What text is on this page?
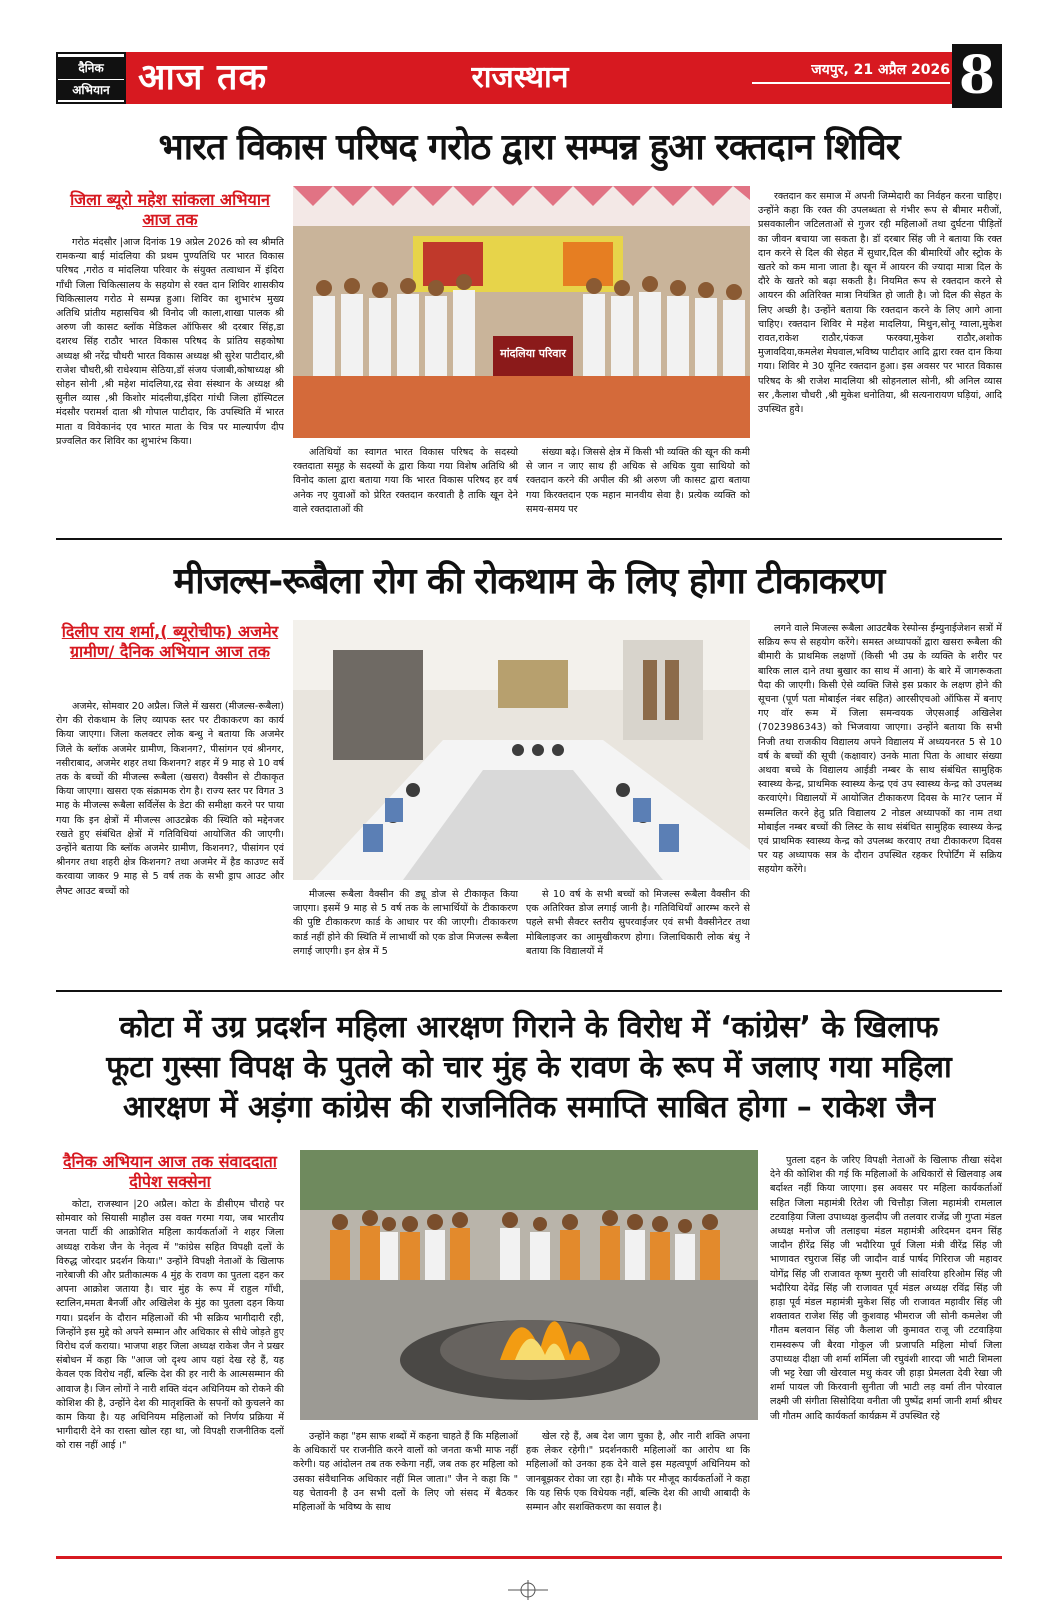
दैनिक
अभियान आज तक	राजस्थान	जयपुर, 21 अप्रैल 2026 8
भारत विकास परिषद गरोठ द्वारा सम्पन्न हुआ रक्तदान शिविर
जिला ब्यूरो महेश सांकला अभियान आज तक

गरोठ मंदसौर |आज दिनांक 19 अप्रेल 2026 को स्व श्रीमति रामकन्या बाई मांदलिया की प्रथम पुण्यतिथि पर भारत विकास परिषद ,गरोठ व मांदलिया परिवार के संयुक्त तत्वाधान में इंदिरा गाँधी जिला चिकित्सालय के सहयोग से रक्त दान शिविर शासकीय चिकित्सालय गरोठ मे सम्पन्न हुआ। शिविर का शुभारंभ मुख्य अतिथि प्रांतीय महासचिव श्री विनोद जी काला,शाखा पालक श्री अरुण जी कासट ब्लॉक मेडिकल ऑफिसर श्री दरबार सिंह,डा दशरथ सिंह राठौर भारत विकास परिषद के प्रांतिय सहकोषा अध्यक्ष श्री नरेंद्र चौधरी भारत विकास अध्यक्ष श्री सुरेश पाटीदार,श्री राजेश चौधरी,श्री राधेश्याम सेठिया,डॉ संजय पंजाबी,कोषाध्यक्ष श्री सोहन सोनी ,श्री महेश मांदलिया,रद्र सेवा संस्थान के अध्यक्ष श्री सुनील व्यास ,श्री किशोर मांदलीया,इंदिरा गांधी जिला हॉस्पिटल मंदसौर परामर्श दाता श्री गोपाल पाटीदार, कि उपस्थिति में भारत माता व विवेकानंद एव भारत माता के चित्र पर माल्यार्पण दीप प्रज्वलित कर शिविर का शुभारंभ किया।

मांदलिया परिवार

अतिथियों का स्वागत भारत विकास परिषद के सदस्यो रक्तदाता समूह के सदस्यों के द्वारा किया गया विशेष अतिथि श्री विनोद काला द्वारा बताया गया कि भारत विकास परिषद हर वर्ष अनेक नए युवाओं को प्रेरित रक्तदान करवाती है ताकि खून देने वाले रक्तदाताओं की

संख्या बढ़े। जिससे क्षेत्र में किसी भी व्यक्ति की खून की कमी से जान न जाए साथ ही अधिक से अधिक युवा साथियो को रक्तदान करने की अपील की श्री अरुण जी कासट द्वारा बताया गया किरक्तदान एक महान मानवीय सेवा है। प्रत्येक व्यक्ति को समय-समय पर

रक्तदान कर समाज में अपनी जिम्मेदारी का निर्वहन करना चाहिए। उन्होंने कहा कि रक्त की उपलब्धता से गंभीर रूप से बीमार मरीजों, प्रसवकालीन जटिलताओं से गुजर रही महिलाओं तथा दुर्घटना पीड़ितों का जीवन बचाया जा सकता है। डॉ दरबार सिंह जी ने बताया कि रक्त दान करने से दिल की सेहत में सुधार,दिल की बीमारियों और स्ट्रोक के खतरे को कम माना जाता है। खून में आयरन की ज्यादा मात्रा दिल के दौरे के खतरे को बढ़ा सकती है। नियमित रूप से रक्तदान करने से आयरन की अतिरिक्त मात्रा नियंत्रित हो जाती है। जो दिल की सेहत के लिए अच्छी है। उन्होंने बताया कि रक्तदान करने के लिए आगे आना चाहिए। रक्तदान शिविर मे महेश मादलिया, मिथुन,सोनू ग्वाला,मुकेश रावत,राकेश राठौर,पंकज फरक्या,मुकेश राठौर,अशोक मुजावदिया,कमलेश मेघवाल,भविष्य पाटीदार आदि द्वारा रक्त दान किया गया। शिविर मे 30 यूनिट रक्तदान हुआ। इस अवसर पर भारत विकास परिषद के श्री राजेश मादलिया श्री सोहनलाल सोनी, श्री अनिल व्यास सर ,कैलाश चौधरी ,श्री मुकेश धनोतिया, श्री सत्यनारायण घड़ियां, आदि उपस्थित हुवे।

मीजल्स-रूबैला रोग की रोकथाम के लिए होगा टीकाकरण
दिलीप राय शर्मा,( ब्यूरोचीफ) अजमेर ग्रामीण/ दैनिक अभियान आज तक

अजमेर, सोमवार 20 अप्रैल। जिले में खसरा (मीजल्स-रूबैला) रोग की रोकथाम के लिए व्यापक स्तर पर टीकाकरण का कार्य किया जाएगा। जिला कलक्टर लोक बन्धु ने बताया कि अजमेर जिले के ब्लॉक अजमेर ग्रामीण, किशनग?, पीसांगन एवं श्रीनगर, नसीराबाद, अजमेर शहर तथा किशनग? शहर में 9 माह से 10 वर्ष तक के बच्चों की मीजल्स रूबैला (खसरा) वैक्सीन से टीकाकृत किया जाएगा। खसरा एक संक्रामक रोग है। राज्य स्तर पर विगत 3 माह के मीजल्स रूबैला सर्विलेंस के डेटा की समीक्षा करने पर पाया गया कि इन क्षेत्रों में मीजल्स आउटब्रेक की स्थिति को मद्देनजर रखते हुए संबंधित क्षेत्रों में गतिविधियां आयोजित की जाएगी। उन्होंने बताया कि ब्लॉक अजमेर ग्रामीण, किशनग?, पीसांगन एवं श्रीनगर तथा शहरी क्षेत्र किशनग? तथा अजमेर में हैड काउण्ट सर्वे करवाया जाकर 9 माह से 5 वर्ष तक के सभी ड्राप आउट और लैफ्ट आउट बच्चों को	मीजल्स रूबैला वैक्सीन की ड्यू डोज से टीकाकृत किया जाएगा। इसमें 9 माह से 5 वर्ष तक के लाभार्थियों के टीकाकरण की पुष्टि टीकाकरण कार्ड के आधार पर की जाएगी। टीकाकरण कार्ड नहीं होने की स्थिति में लाभार्थी को एक डोज मिजल्स रूबैला लगाई जाएगी। इन क्षेत्र में 5

से 10 वर्ष के सभी बच्चों को मिजल्स रूबैला वैक्सीन की एक अतिरिक्त डोज लगाई जानी है। गतिविधियाँ आरम्भ करने से पहले सभी सैक्टर स्तरीय सुपरवाईजर एवं सभी वैक्सीनेटर तथा मोबिलाइजर का आमुखीकरण होगा। जिलाधिकारी लोक बंधु ने बताया कि विद्यालयों में

लगने वाले मिजल्स रूबैला आउटबैक रेस्पोन्स ईम्युनाईजेशन सत्रों में सक्रिय रूप से सहयोग करेंगे। समस्त अध्यापकों द्वारा खसरा रूबैला की बीमारी के प्राथमिक लक्षणों (किसी भी उम्र के व्यक्ति के शरीर पर बारिक लाल दाने तथा बुखार का साथ में आना) के बारे में जागरूकता पैदा की जाएगी। किसी ऐसे व्यक्ति जिसे इस प्रकार के लक्षण होने की सूचना (पूर्ण पता मोबाईल नंबर सहित) आरसीएचओ ऑफिस में बनाए गए वॉर रूम में जिला समन्वयक जेएसआई अखिलेश (7023986343) को भिजवाया जाएगा। उन्होंने बताया कि सभी निजी तथा राजकीय विद्यालय अपने विद्यालय में अध्ययनरत 5 से 10 वर्ष के बच्चों की सूची (कक्षावार) उनके माता पिता के आधार संख्या अथवा बच्चे के विद्यालय आईडी नम्बर के साथ संबंधित सामुहिक स्वास्थ्य केन्द्र, प्राथमिक स्वास्थ्य केन्द्र एवं उप स्वास्थ्य केन्द्र को उपलब्ध करवाएंगे। विद्यालयों में आयोजित टीकाकरण दिवस के मा?र प्लान में सम्मलित करने हेतु प्रति विद्यालय 2 नोडल अध्यापकों का नाम तथा मोबाईल नम्बर बच्चों की लिस्ट के साथ संबंधित सामुहिक स्वास्थ्य केन्द्र एवं प्राथमिक स्वास्थ्य केन्द्र को उपलब्ध करवाए तथा टीकाकरण दिवस पर यह अध्यापक सत्र के दौरान उपस्थित रहकर रिपोर्टिंग में सक्रिय सहयोग करेंगे।

कोटा में उग्र प्रदर्शन महिला आरक्षण गिराने के विरोध में ‘कांग्रेस’ के खिलाफ
फूटा गुस्सा विपक्ष के पुतले को चार मुंह के रावण के रूप में जलाए गया महिला
आरक्षण में अड़ंगा कांग्रेस की राजनितिक समाप्ति साबित होगा – राकेश जैन
दैनिक अभियान आज तक संवाददाता दीपेश सक्सेना

कोटा, राजस्थान |20 अप्रैल। कोटा के डीसीएम चौराहे पर सोमवार को सियासी माहौल उस वक्त गरमा गया, जब भारतीय जनता पार्टी की आक्रोशित महिला कार्यकर्ताओं ने शहर जिला अध्यक्ष राकेश जैन के नेतृत्व में "कांग्रेस सहित विपक्षी दलों के विरुद्ध जोरदार प्रदर्शन किया।" उन्होंने विपक्षी नेताओं के खिलाफ नारेबाजी की और प्रतीकात्मक 4 मुंह के रावण का पुतला दहन कर अपना आक्रोश जताया है। चार मुंह के रूप में राहुल गाँधी, स्टालिन,ममता बैनर्जी और अखिलेश के मुंह का पुतला दहन किया गया। प्रदर्शन के दौरान महिलाओं की भी सक्रिय भागीदारी रही, जिन्होंने इस मुद्दे को अपने सम्मान और अधिकार से सीधे जोड़ते हुए विरोध दर्ज कराया। भाजपा शहर जिला अध्यक्ष राकेश जैन ने प्रखर संबोधन में कहा कि "आज जो दृश्य आप यहां देख रहे हैं, यह केवल एक विरोध नहीं, बल्कि देश की हर नारी के आत्मसम्मान की आवाज है। जिन लोगों ने नारी शक्ति वंदन अधिनियम को रोकने की कोशिश की है, उन्होंने देश की मातृशक्ति के सपनों को कुचलने का काम किया है। यह अधिनियम महिलाओं को निर्णय प्रक्रिया में भागीदारी देने का रास्ता खोल रहा था, जो विपक्षी राजनीतिक दलों को रास नहीं आई ।"

उन्होंने कहा "हम साफ शब्दों में कहना चाहते हैं कि महिलाओं के अधिकारों पर राजनीति करने वालों को जनता कभी माफ नहीं करेगी। यह आंदोलन तब तक रुकेगा नहीं, जब तक हर महिला को उसका संवैधानिक अधिकार नहीं मिल जाता।" जैन ने कहा कि " यह चेतावनी है उन सभी दलों के लिए जो संसद में बैठकर महिलाओं के भविष्य के साथ

खेल रहे हैं, अब देश जाग चुका है, और नारी शक्ति अपना हक लेकर रहेगी।" प्रदर्शनकारी महिलाओं का आरोप था कि महिलाओं को उनका हक देने वाले इस महत्वपूर्ण अधिनियम को जानबूझकर रोका जा रहा है। मौके पर मौजूद कार्यकर्ताओं ने कहा कि यह सिर्फ एक विधेयक नहीं, बल्कि देश की आधी आबादी के सम्मान और सशक्तिकरण का सवाल है।

पुतला दहन के जरिए विपक्षी नेताओं के खिलाफ तीखा संदेश देने की कोशिश की गई कि महिलाओं के अधिकारों से खिलवाड़ अब बर्दाश्त नहीं किया जाएगा। इस अवसर पर महिला कार्यकर्ताओं सहित जिला महामंत्री रितेश जी चित्तौड़ा जिला महामंत्री रामलाल टटवाड़िया जिला उपाध्यक्ष कुलदीप जी तलवार राजेंद्र जी गुप्ता मंडल अध्यक्ष मनोज जी तलाइचा मंडल महामंत्री अरिदमन दमन सिंह जादौन हीरेंद्र सिंह जी भदौरिया पूर्व जिला मंत्री वीरेंद्र सिंह जी भाणावत रघुराज सिंह जी जादौन वार्ड पार्षद गिरिराज जी महावर योगेंद्र सिंह जी राजावत कृष्ण मुरारी जी सांवरिया हरिओम सिंह जी भदौरिया देवेंद्र सिंह जी राजावत पूर्व मंडल अध्यक्ष रविंद्र सिंह जी हाड़ा पूर्व मंडल महामंत्री मुकेश सिंह जी राजावत महावीर सिंह जी शक्तावत राजेश सिंह जी कुशवाह भीमराज जी सोनी कमलेश जी गौतम बलवान सिंह जी कैलाश जी कुमावत राजू जी टटवाड़िया रामस्वरूप जी बैरवा गोकुल जी प्रजापति महिला मोर्चा जिला उपाध्यक्ष दीक्षा जी शर्मा शर्मिला जी रघुवंशी शारदा जी भाटी शिमला जी भट्ट रेखा जी खेरवाल मधु कंवर जी हाड़ा प्रेमलता देवी रेखा जी शर्मा पायल जी किरवानी सुनीता जी भाटी लड़ वर्मा तीन पोरवाल लक्ष्मी जी संगीता सिसोदिया वनीता जी पुष्पेंद्र शर्मा जानी शर्मा श्रीधर जी गौतम आदि कार्यकर्ता कार्यक्रम में उपस्थित रहे
